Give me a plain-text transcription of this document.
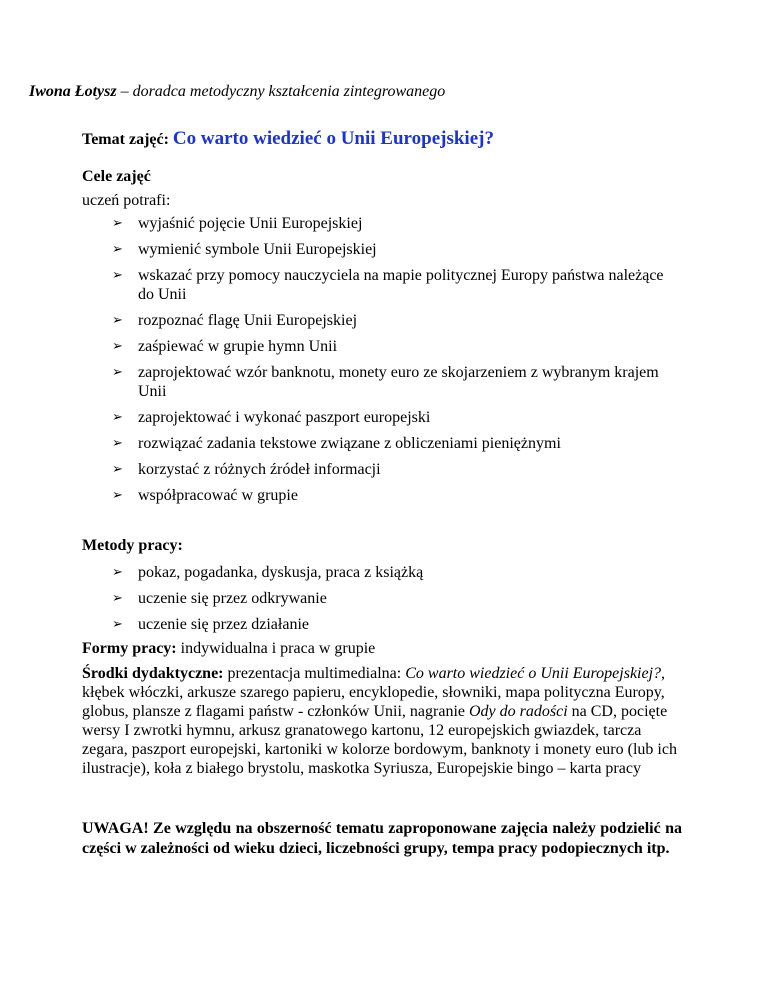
Iwona Łotysz – doradca metodyczny kształcenia zintegrowanego
Temat zajęć: Co warto wiedzieć o Unii Europejskiej?
Cele zajęć
uczeń potrafi:
➢ wyjaśnić pojęcie Unii Europejskiej
➢ wymienić symbole Unii Europejskiej
➢ wskazać przy pomocy nauczyciela na mapie politycznej Europy państwa należące do Unii
➢ rozpoznać flagę Unii Europejskiej
➢ zaśpiewać w grupie hymn Unii
➢ zaprojektować wzór banknotu, monety euro ze skojarzeniem z wybranym krajem Unii
➢ zaprojektować i wykonać paszport europejski
➢ rozwiązać zadania tekstowe związane z obliczeniami pieniężnymi
➢ korzystać z różnych źródeł informacji
➢ współpracować w grupie
Metody pracy:
➢ pokaz, pogadanka, dyskusja, praca z książką
➢ uczenie się przez odkrywanie
➢ uczenie się przez działanie
Formy pracy: indywidualna i praca w grupie
Środki dydaktyczne: prezentacja multimedialna: Co warto wiedzieć o Unii Europejskiej?, kłębek włóczki, arkusze szarego papieru, encyklopedie, słowniki, mapa polityczna Europy, globus, plansze z flagami państw - członków Unii, nagranie Ody do radości na CD, pocięte wersy I zwrotki hymnu, arkusz granatowego kartonu, 12 europejskich gwiazdek, tarcza zegara, paszport europejski, kartoniki w kolorze bordowym, banknoty i monety euro (lub ich ilustracje), koła z białego brystolu, maskotka Syriusza, Europejskie bingo – karta pracy
UWAGA! Ze względu na obszerność tematu zaproponowane zajęcia należy podzielić na części w zależności od wieku dzieci, liczebności grupy, tempa pracy podopiecznych itp.
